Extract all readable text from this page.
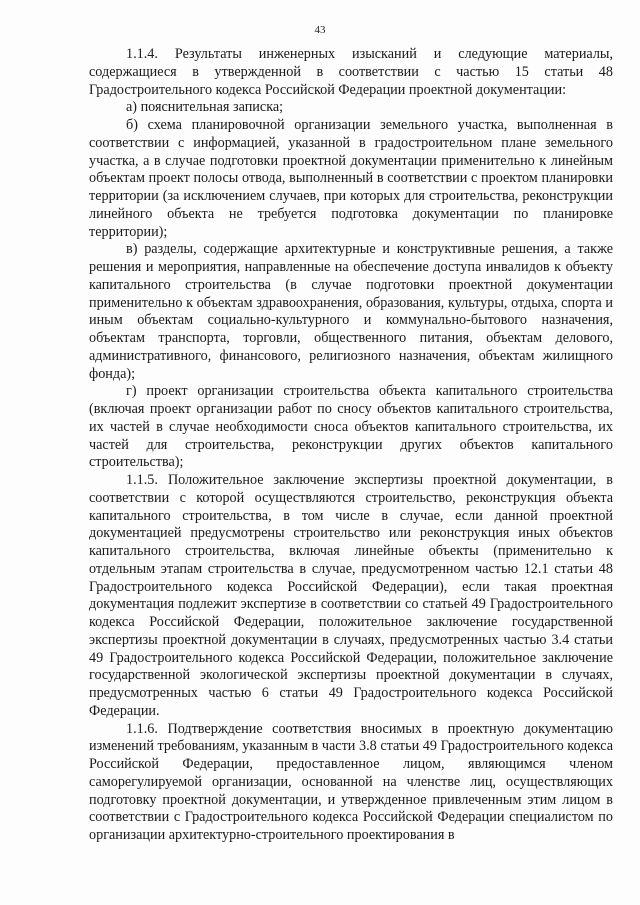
43

1.1.4. Результаты инженерных изысканий и следующие материалы, содержащиеся в утвержденной в соответствии с частью 15 статьи 48 Градостроительного кодекса Российской Федерации проектной документации:

а) пояснительная записка;

б) схема планировочной организации земельного участка, выполненная в соответствии с информацией, указанной в градостроительном плане земельного участка, а в случае подготовки проектной документации применительно к линейным объектам проект полосы отвода, выполненный в соответствии с проектом планировки территории (за исключением случаев, при которых для строительства, реконструкции линейного объекта не требуется подготовка документации по планировке территории);

в) разделы, содержащие архитектурные и конструктивные решения, а также решения и мероприятия, направленные на обеспечение доступа инвалидов к объекту капитального строительства (в случае подготовки проектной документации применительно к объектам здравоохранения, образования, культуры, отдыха, спорта и иным объектам социально-культурного и коммунально-бытового назначения, объектам транспорта, торговли, общественного питания, объектам делового, административного, финансового, религиозного назначения, объектам жилищного фонда);

г) проект организации строительства объекта капитального строительства (включая проект организации работ по сносу объектов капитального строительства, их частей в случае необходимости сноса объектов капитального строительства, их частей для строительства, реконструкции других объектов капитального строительства);

1.1.5. Положительное заключение экспертизы проектной документации, в соответствии с которой осуществляются строительство, реконструкция объекта капитального строительства, в том числе в случае, если данной проектной документацией предусмотрены строительство или реконструкция иных объектов капитального строительства, включая линейные объекты (применительно к отдельным этапам строительства в случае, предусмотренном частью 12.1 статьи 48 Градостроительного кодекса Российской Федерации), если такая проектная документация подлежит экспертизе в соответствии со статьей 49 Градостроительного кодекса Российской Федерации, положительное заключение государственной экспертизы проектной документации в случаях, предусмотренных частью 3.4 статьи 49 Градостроительного кодекса Российской Федерации, положительное заключение государственной экологической экспертизы проектной документации в случаях, предусмотренных частью 6 статьи 49 Градостроительного кодекса Российской Федерации.

1.1.6. Подтверждение соответствия вносимых в проектную документацию изменений требованиям, указанным в части 3.8 статьи 49 Градостроительного кодекса Российской Федерации, предоставленное лицом, являющимся членом саморегулируемой организации, основанной на членстве лиц, осуществляющих подготовку проектной документации, и утвержденное привлеченным этим лицом в соответствии с Градостроительного кодекса Российской Федерации специалистом по организации архитектурно-строительного проектирования в
